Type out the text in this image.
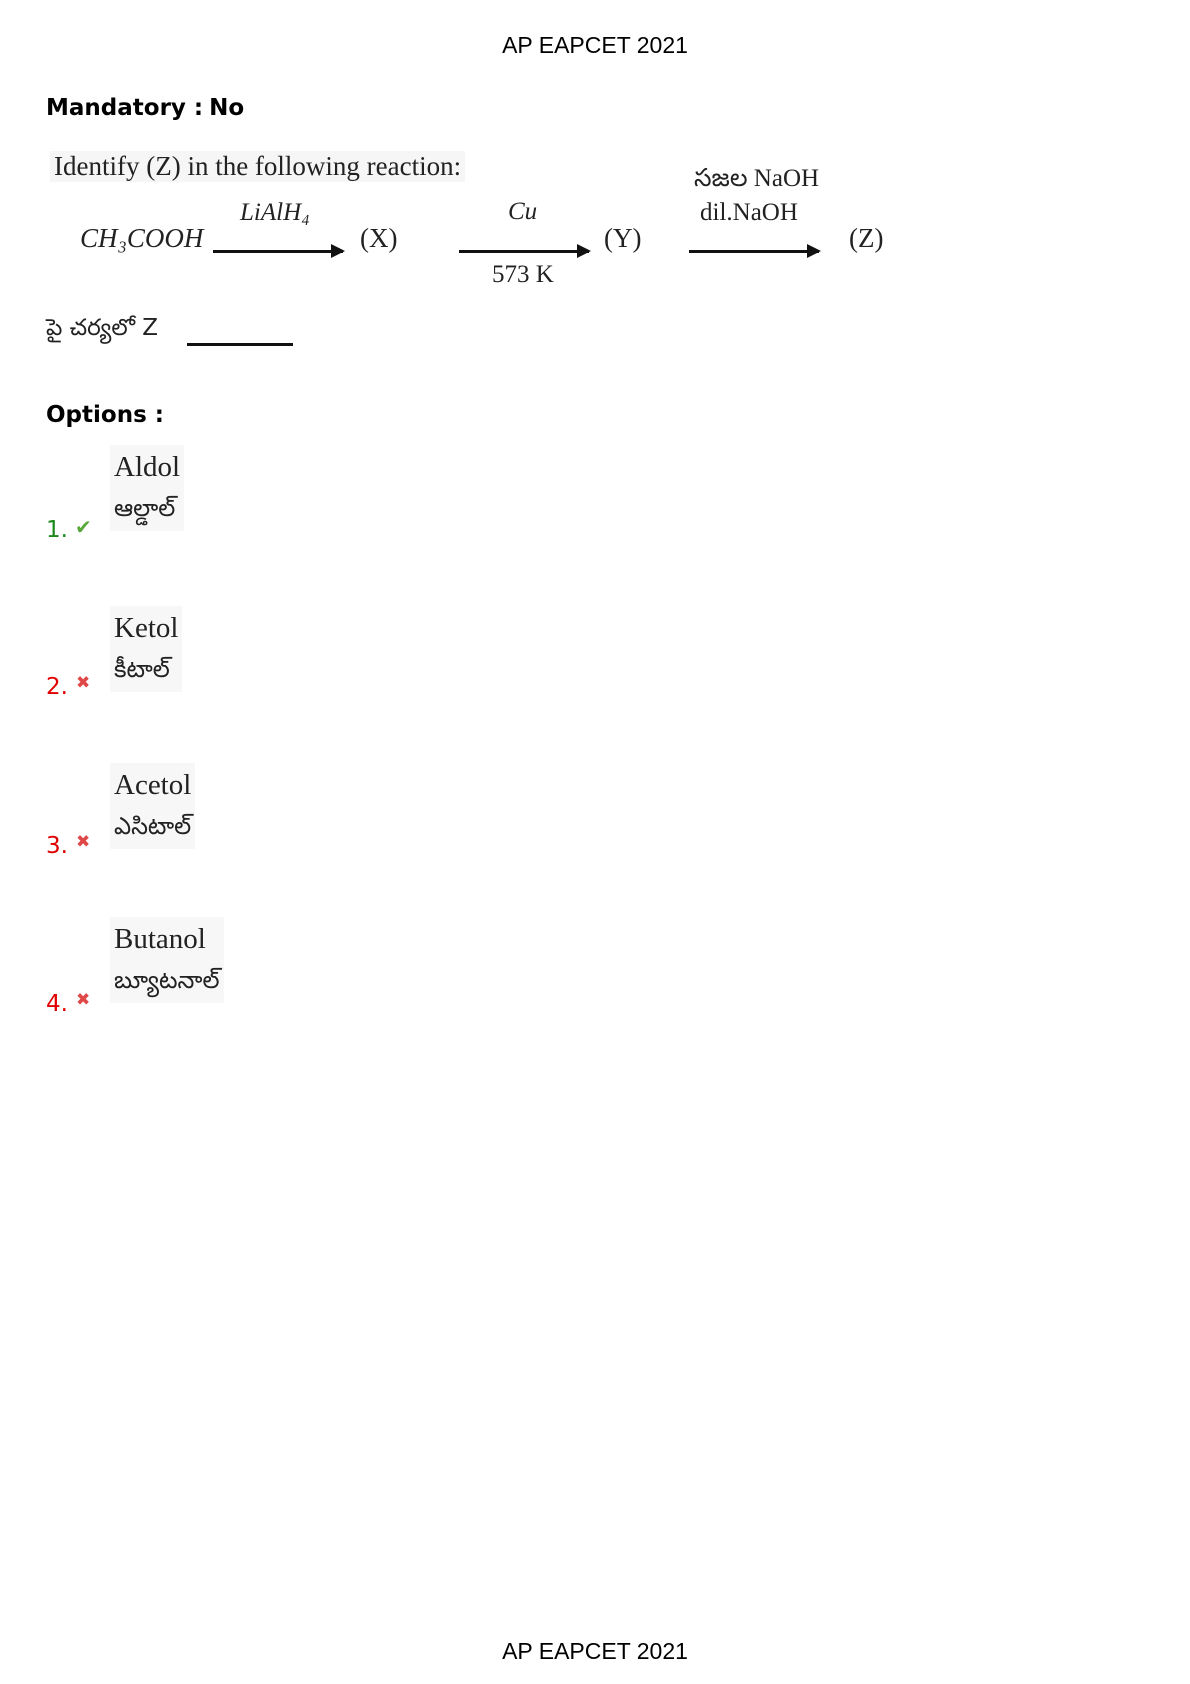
AP EAPCET 2021
Mandatory : No
Identify (Z) in the following reaction:
CH₃COOH
LiAlH₄
(X)
Cu
573 K
(Y)
సజల NaOH
dil.NaOH
(Z)
పై చర్యలో Z
Options :
1. ✔
Aldol
ఆల్డాల్
2. ✖
Ketol
కీటాల్
3. ✖
Acetol
ఎసిటాల్
4. ✖
Butanol
బ్యూటనాల్
AP EAPCET 2021
